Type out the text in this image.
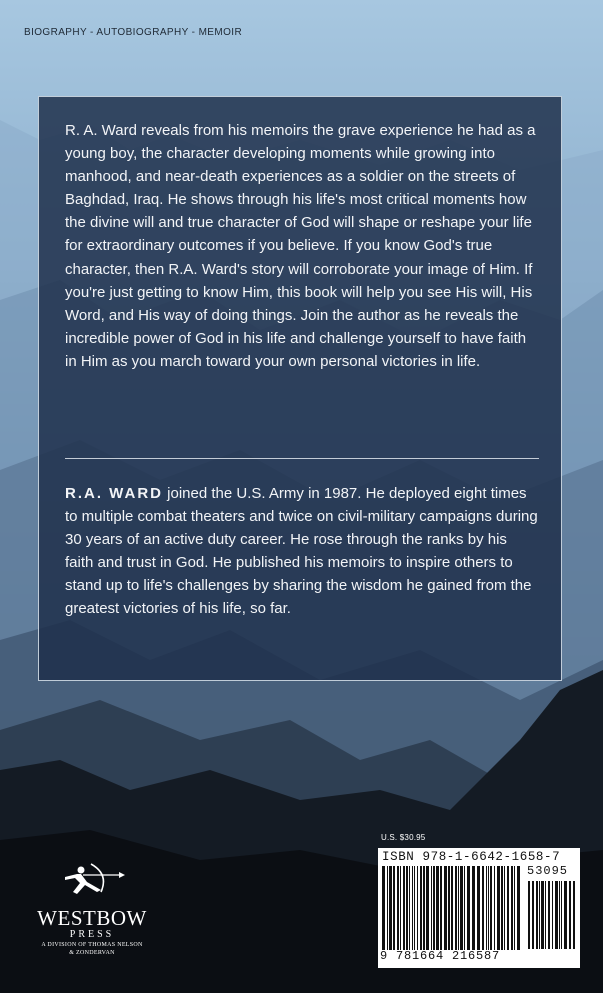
BIOGRAPHY - AUTOBIOGRAPHY - MEMOIR

R. A. Ward reveals from his memoirs the grave experience he had as a young boy, the character developing moments while growing into manhood, and near-death experiences as a soldier on the streets of Baghdad, Iraq. He shows through his life's most critical moments how the divine will and true character of God will shape or reshape your life for extraordinary outcomes if you believe. If you know God's true character, then R.A. Ward's story will corroborate your image of Him. If you're just getting to know Him, this book will help you see His will, His Word, and His way of doing things. Join the author as he reveals the incredible power of God in his life and challenge yourself to have faith in Him as you march toward your own personal victories in life.

R.A. WARD joined the U.S. Army in 1987. He deployed eight times to multiple combat theaters and twice on civil-military campaigns during 30 years of an active duty career. He rose through the ranks by his faith and trust in God. He published his memoirs to inspire others to stand up to life's challenges by sharing the wisdom he gained from the greatest victories of his life, so far.

WESTBOW
PRESS
A DIVISION OF THOMAS NELSON
& ZONDERVAN
U.S. $30.95
ISBN 978-1-6642-1658-7
53095
9 781664 216587
